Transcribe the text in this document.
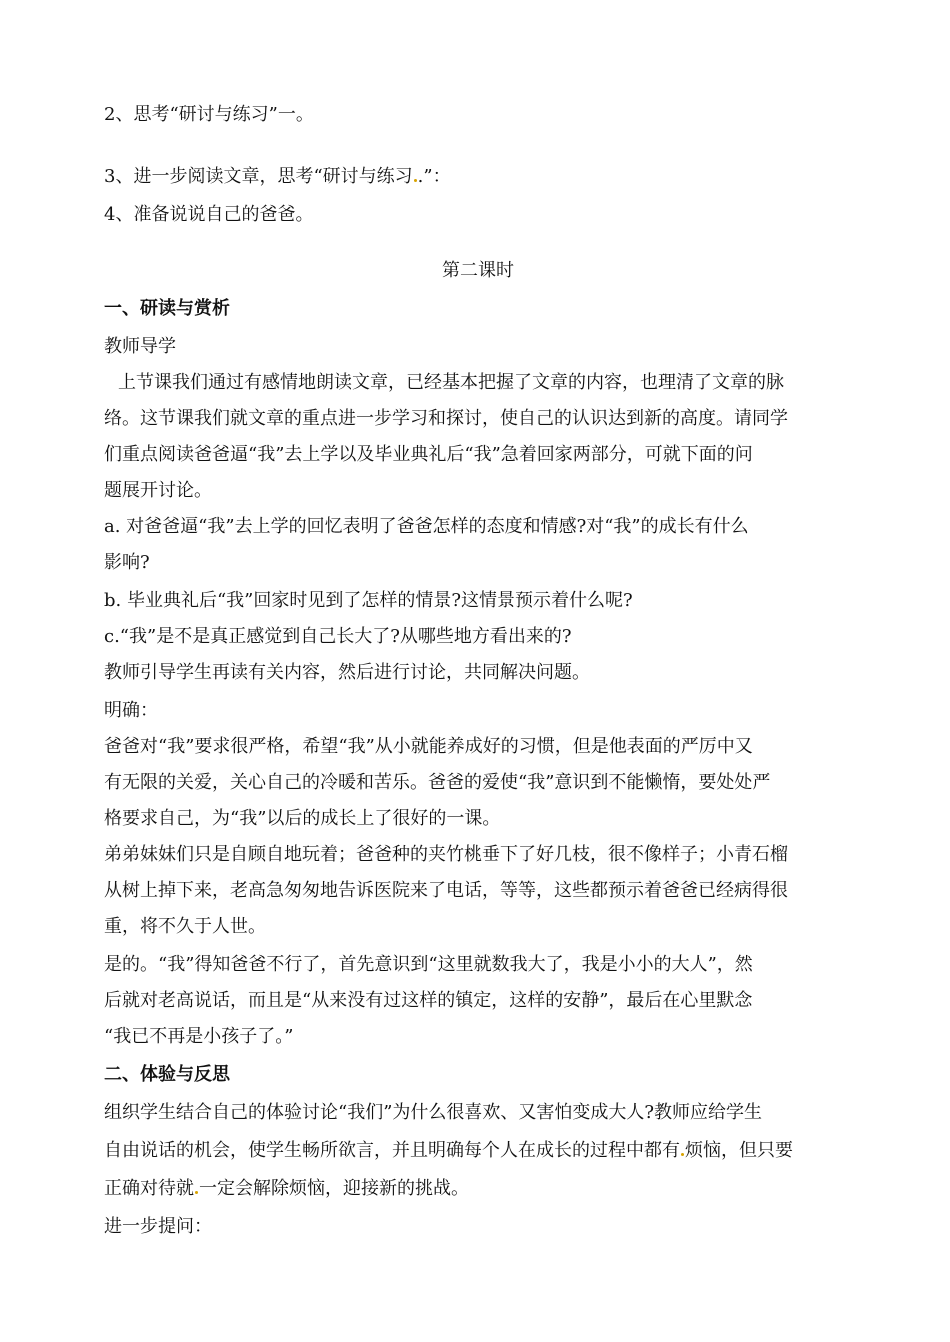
2、思考“研讨与练习”一。
3、进一步阅读文章，思考“研讨与练习 .”：
4、准备说说自己的爸爸。
第二课时
一、研读与赏析
教师导学
上节课我们通过有感情地朗读文章，已经基本把握了文章的内容，也理清了文章的脉
络。这节课我们就文章的重点进一步学习和探讨，使自己的认识达到新的高度。请同学
们重点阅读爸爸逼“我”去上学以及毕业典礼后“我”急着回家两部分，可就下面的问
题展开讨论。
a. 对爸爸逼“我”去上学的回忆表明了爸爸怎样的态度和情感?对“我”的成长有什么
影响?
b. 毕业典礼后“我”回家时见到了怎样的情景?这情景预示着什么呢?
c.“我”是不是真正感觉到自己长大了?从哪些地方看出来的?
教师引导学生再读有关内容，然后进行讨论，共同解决问题。
明确：
爸爸对“我”要求很严格，希望“我”从小就能养成好的习惯，但是他表面的严厉中又
有无限的关爱，关心自己的冷暖和苦乐。爸爸的爱使“我”意识到不能懒惰，要处处严
格要求自己，为“我”以后的成长上了很好的一课。
弟弟妹妹们只是自顾自地玩着；爸爸种的夹竹桃垂下了好几枝，很不像样子；小青石榴
从树上掉下来，老高急匆匆地告诉医院来了电话，等等，这些都预示着爸爸已经病得很
重，将不久于人世。
是的。“我”得知爸爸不行了，首先意识到“这里就数我大了，我是小小的大人”，然
后就对老高说话，而且是“从来没有过这样的镇定，这样的安静”，最后在心里默念
“我已不再是小孩子了。”
二、体验与反思
组织学生结合自己的体验讨论“我们”为什么很喜欢、又害怕变成大人?教师应给学生
自由说话的机会，使学生畅所欲言，并且明确每个人在成长的过程中都有 烦恼，但只要
正确对待就 一定会解除烦恼，迎接新的挑战。
进一步提问：
